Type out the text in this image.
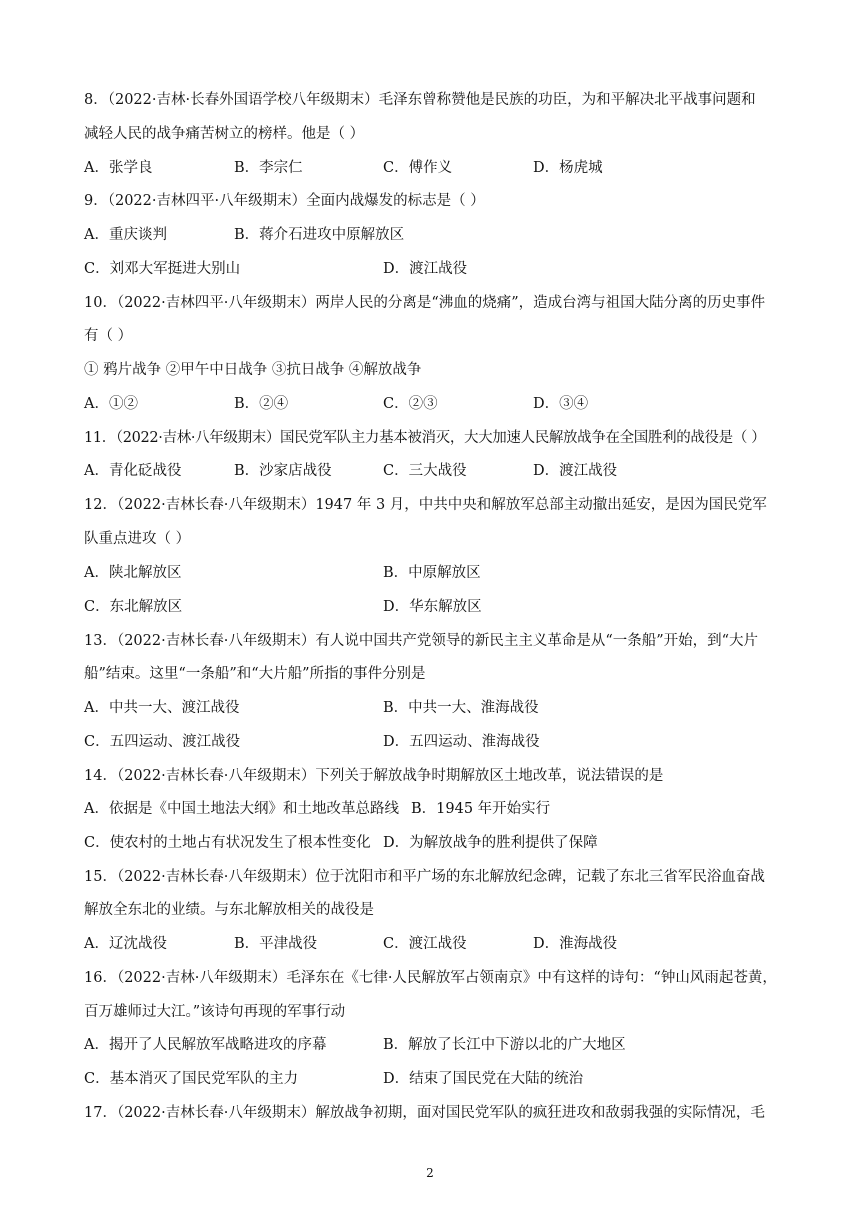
8．（2022·吉林·长春外国语学校八年级期末）毛泽东曾称赞他是民族的功臣，为和平解决北平战事问题和
减轻人民的战争痛苦树立的榜样。他是（ ）
A．张学良	B．李宗仁	C．傅作义	D．杨虎城
9．（2022·吉林四平·八年级期末）全面内战爆发的标志是（ ）
A．重庆谈判	B．蒋介石进攻中原解放区
C．刘邓大军挺进大别山	D．渡江战役
10．（2022·吉林四平·八年级期末）两岸人民的分离是“沸血的烧痛”，造成台湾与祖国大陆分离的历史事件
有（ ）
① 鸦片战争 ②甲午中日战争 ③抗日战争 ④解放战争
A．①②	B．②④	C．②③	D．③④
11．（2022·吉林·八年级期末）国民党军队主力基本被消灭，大大加速人民解放战争在全国胜利的战役是（ ）
A．青化砭战役	B．沙家店战役	C．三大战役	D．渡江战役
12．（2022·吉林长春·八年级期末）1947 年 3 月，中共中央和解放军总部主动撤出延安，是因为国民党军
队重点进攻（ ）
A．陕北解放区	B．中原解放区
C．东北解放区	D．华东解放区
13．（2022·吉林长春·八年级期末）有人说中国共产党领导的新民主主义革命是从“一条船”开始，到“大片
船”结束。这里“一条船”和“大片船”所指的事件分别是
A．中共一大、渡江战役	B．中共一大、淮海战役
C．五四运动、渡江战役	D．五四运动、淮海战役
14．（2022·吉林长春·八年级期末）下列关于解放战争时期解放区土地改革，说法错误的是
A．依据是《中国土地法大纲》和土地改革总路线 B．1945 年开始实行
C．使农村的土地占有状况发生了根本性变化 D．为解放战争的胜利提供了保障
15．（2022·吉林长春·八年级期末）位于沈阳市和平广场的东北解放纪念碑，记载了东北三省军民浴血奋战
解放全东北的业绩。与东北解放相关的战役是
A．辽沈战役	B．平津战役	C．渡江战役	D．淮海战役
16．（2022·吉林·八年级期末）毛泽东在《七律·人民解放军占领南京》中有这样的诗句：“钟山风雨起苍黄，
百万雄师过大江。”该诗句再现的军事行动
A．揭开了人民解放军战略进攻的序幕	B．解放了长江中下游以北的广大地区
C．基本消灭了国民党军队的主力	D．结束了国民党在大陆的统治
17．（2022·吉林长春·八年级期末）解放战争初期，面对国民党军队的疯狂进攻和敌弱我强的实际情况，毛
2
